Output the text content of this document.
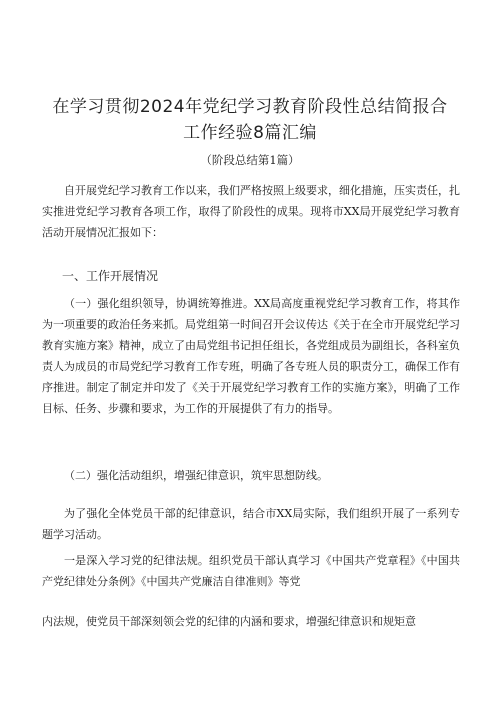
在学习贯彻2024年党纪学习教育阶段性总结简报合
工作经验8篇汇编
（阶段总结第1篇）
自开展党纪学习教育工作以来，我们严格按照上级要求，细化措施，压实责任，扎实推进党纪学习教育各项工作，取得了阶段性的成果。现将市XX局开展党纪学习教育活动开展情况汇报如下：
一、工作开展情况
（一）强化组织领导，协调统筹推进。XX局高度重视党纪学习教育工作，将其作为一项重要的政治任务来抓。局党组第一时间召开会议传达《关于在全市开展党纪学习教育实施方案》精神，成立了由局党组书记担任组长，各党组成员为副组长，各科室负责人为成员的市局党纪学习教育工作专班，明确了各专班人员的职责分工，确保工作有序推进。制定了制定并印发了《关于开展党纪学习教育工作的实施方案》，明确了工作目标、任务、步骤和要求，为工作的开展提供了有力的指导。
（二）强化活动组织，增强纪律意识，筑牢思想防线。
为了强化全体党员干部的纪律意识，结合市XX局实际，我们组织开展了一系列专题学习活动。
一是深入学习党的纪律法规。组织党员干部认真学习《中国共产党章程》《中国共产党纪律处分条例》《中国共产党廉洁自律准则》等党
内法规，使党员干部深刻领会党的纪律的内涵和要求，增强纪律意识和规矩意
